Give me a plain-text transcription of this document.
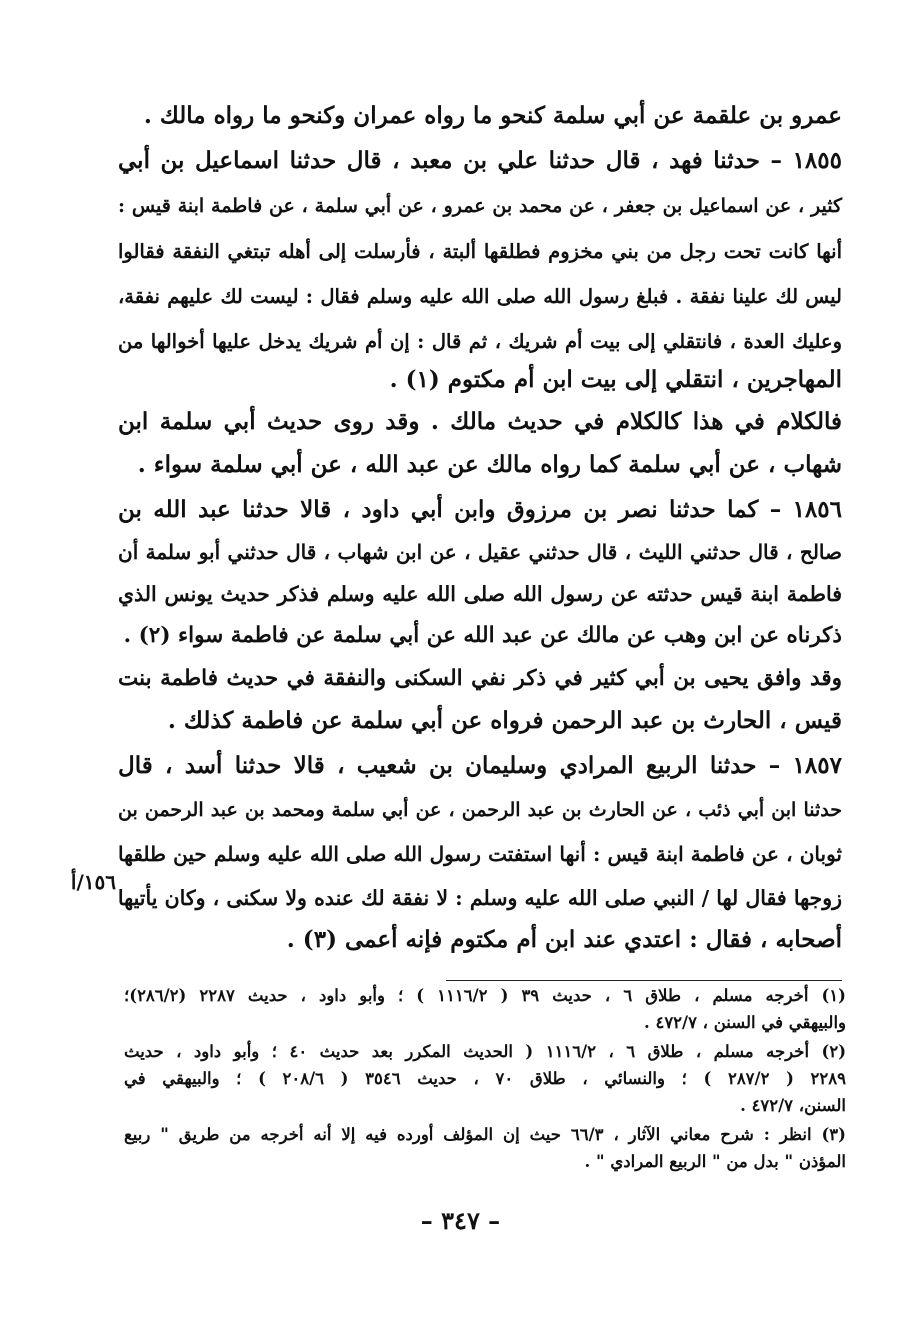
عمرو بن علقمة عن أبي سلمة كنحو ما رواه عمران وكنحو ما رواه مالك .
١٨٥٥ – حدثنا فهد ، قال حدثنا علي بن معبد ، قال حدثنا اسماعيل بن أبي
كثير ، عن اسماعيل بن جعفر ، عن محمد بن عمرو ، عن أبي سلمة ، عن فاطمة ابنة قيس :
أنها كانت تحت رجل من بني مخزوم فطلقها ألبتة ، فأرسلت إلى أهله تبتغي النفقة فقالوا
ليس لك علينا نفقة . فبلغ رسول الله صلى الله عليه وسلم فقال : ليست لك عليهم نفقة،
وعليك العدة ، فانتقلي إلى بيت أم شريك ، ثم قال : إن أم شريك يدخل عليها أخوالها من
المهاجرين ، انتقلي إلى بيت ابن أم مكتوم (١) .
فالكلام في هذا كالكلام في حديث مالك . وقد روى حديث أبي سلمة ابن
شهاب ، عن أبي سلمة كما رواه مالك عن عبد الله ، عن أبي سلمة سواء .
١٨٥٦ – كما حدثنا نصر بن مرزوق وابن أبي داود ، قالا حدثنا عبد الله بن
صالح ، قال حدثني الليث ، قال حدثني عقيل ، عن ابن شهاب ، قال حدثني أبو سلمة أن
فاطمة ابنة قيس حدثته عن رسول الله صلى الله عليه وسلم فذكر حديث يونس الذي
ذكرناه عن ابن وهب عن مالك عن عبد الله عن أبي سلمة عن فاطمة سواء (٢) .
وقد وافق يحيى بن أبي كثير في ذكر نفي السكنى والنفقة في حديث فاطمة بنت
قيس ، الحارث بن عبد الرحمن فرواه عن أبي سلمة عن فاطمة كذلك .
١٨٥٧ – حدثنا الربيع المرادي وسليمان بن شعيب ، قالا حدثنا أسد ، قال
حدثنا ابن أبي ذئب ، عن الحارث بن عبد الرحمن ، عن أبي سلمة ومحمد بن عبد الرحمن بن
ثوبان ، عن فاطمة ابنة قيس : أنها استفتت رسول الله صلى الله عليه وسلم حين طلقها
زوجها فقال لها / النبي صلى الله عليه وسلم : لا نفقة لك عنده ولا سكنى ، وكان يأتيها
أصحابه ، فقال : اعتدي عند ابن أم مكتوم فإنه أعمى (٣) .
١٥٦/أ
(١) أخرجه مسلم ، طلاق ٦ ، حديث ٣٩ ( ١١١٦/٢ ) ؛ وأبو داود ، حديث ٢٢٨٧ (٢٨٦/٢)؛
والبيهقي في السنن ، ٤٧٢/٧ .
(٢) أخرجه مسلم ، طلاق ٦ ، ١١١٦/٢ ( الحديث المكرر بعد حديث ٤٠ ؛ وأبو داود ، حديث
٢٢٨٩ ( ٢٨٧/٢ ) ؛ والنسائي ، طلاق ٧٠ ، حديث ٣٥٤٦ ( ٢٠٨/٦ ) ؛ والبيهقي في
السنن، ٤٧٢/٧ .
(٣) انظر : شرح معاني الآثار ، ٦٦/٣ حيث إن المؤلف أورده فيه إلا أنه أخرجه من طريق " ربيع
المؤذن " بدل من " الربيع المرادي " .
– ٣٤٧ –
